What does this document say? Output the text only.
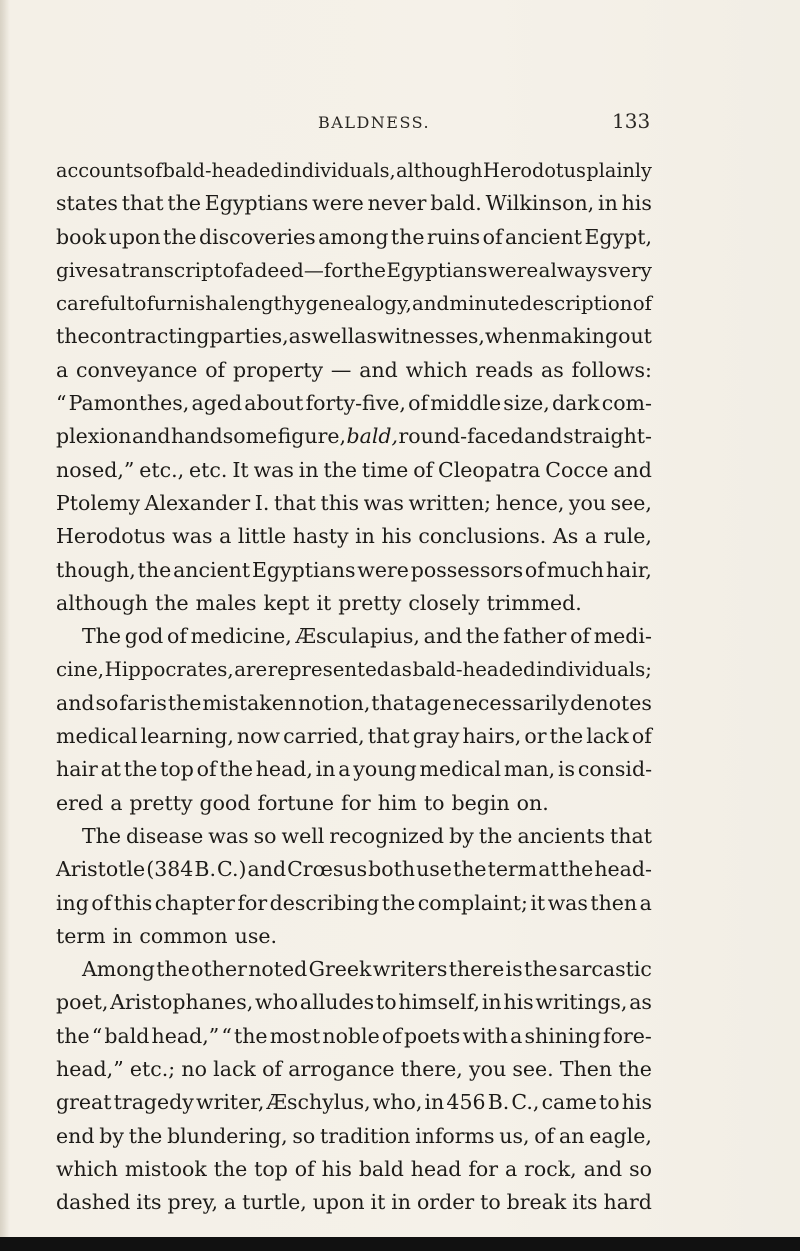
BALDNESS.	133
accounts of bald-headed individuals, although Herodotus plainly
states that the Egyptians were never bald. Wilkinson, in his
book upon the discoveries among the ruins of ancient Egypt,
gives a transcript of a deed—for the Egyptians were always very
careful to furnish a lengthy genealogy, and minute description of
the contracting parties, as well as witnesses, when making out
a conveyance of property — and which reads as follows:
“ Pamonthes, aged about forty-five, of middle size, dark com-
plexion and handsome figure, bald, round-faced and straight-
nosed,” etc., etc. It was in the time of Cleopatra Cocce and
Ptolemy Alexander I. that this was written; hence, you see,
Herodotus was a little hasty in his conclusions. As a rule,
though, the ancient Egyptians were possessors of much hair,
although the males kept it pretty closely trimmed.
The god of medicine, Æsculapius, and the father of medi-
cine, Hippocrates, are represented as bald-headed individuals;
and so far is the mistaken notion, that age necessarily denotes
medical learning, now carried, that gray hairs, or the lack of
hair at the top of the head, in a young medical man, is consid-
ered a pretty good fortune for him to begin on.
The disease was so well recognized by the ancients that
Aristotle (384 B. C.) and Crœsus both use the term at the head-
ing of this chapter for describing the complaint; it was then a
term in common use.
Among the other noted Greek writers there is the sarcastic
poet, Aristophanes, who alludes to himself, in his writings, as
the “ bald head,” “ the most noble of poets with a shining fore-
head,” etc.; no lack of arrogance there, you see. Then the
great tragedy writer, Æschylus, who, in 456 B. C., came to his
end by the blundering, so tradition informs us, of an eagle,
which mistook the top of his bald head for a rock, and so
dashed its prey, a turtle, upon it in order to break its hard
